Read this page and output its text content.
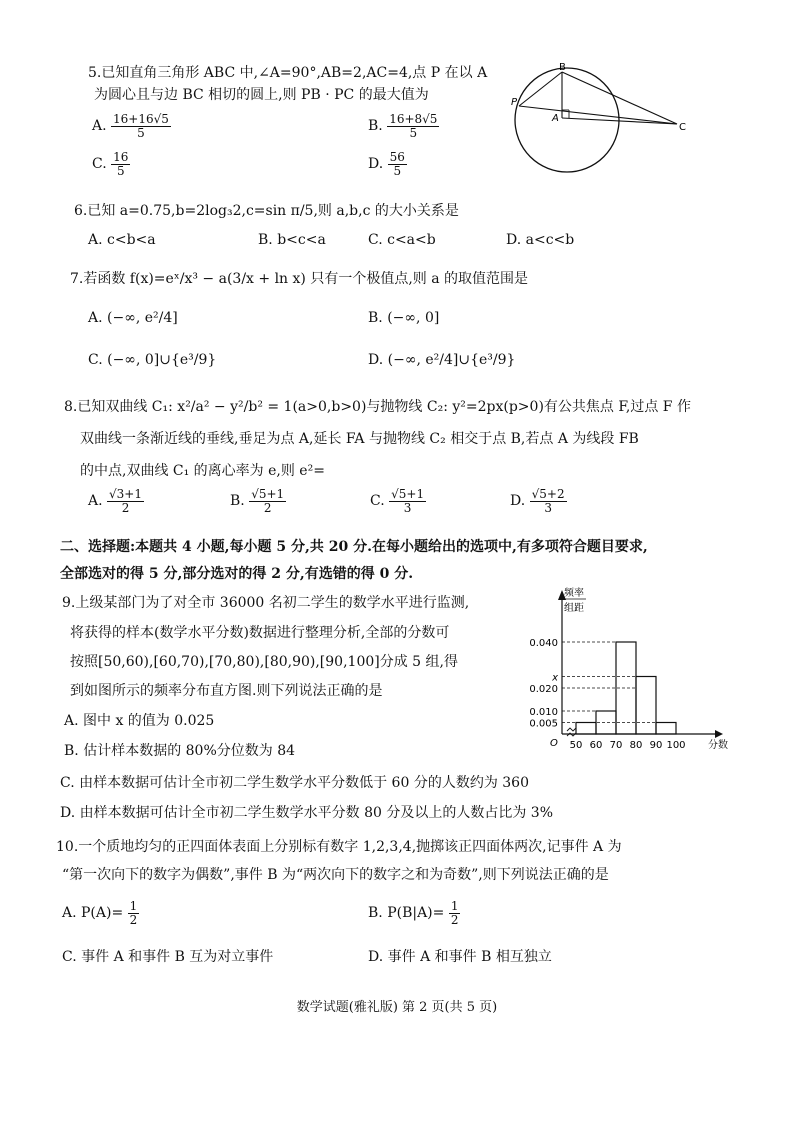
5.已知直角三角形 ABC 中,∠A=90°,AB=2,AC=4,点 P 在以 A
为圆心且与边 BC 相切的圆上,则 PB · PC 的最大值为
A. $\frac{16+16√5}{5}$	B. $\frac{16+8√5}{5}$
C. $\frac{16}{5}$	D. $\frac{56}{5}$
B
P
A
C
6.已知 a=0.75,b=2log₃2,c=sin π/5,则 a,b,c 的大小关系是
A. c<b<a	B. b<c<a	C. c<a<b	D. a<c<b
7.若函数 f(x)=eˣ/x³ − a(3/x + ln x) 只有一个极值点,则 a 的取值范围是
A. (−∞, e²/4]	B. (−∞, 0]
C. (−∞, 0]∪{e³/9}	D. (−∞, e²/4]∪{e³/9}
8.已知双曲线 C₁: x²/a² − y²/b² = 1(a>0,b>0)与抛物线 C₂: y²=2px(p>0)有公共焦点 F,过点 F 作
双曲线一条渐近线的垂线,垂足为点 A,延长 FA 与抛物线 C₂ 相交于点 B,若点 A 为线段 FB
的中点,双曲线 C₁ 的离心率为 e,则 e²=
A. $\frac{√3+1}{2}$	B. $\frac{√5+1}{2}$	C. $\frac{√5+1}{3}$	D. $\frac{√5+2}{3}$
二、选择题:本题共 4 小题,每小题 5 分,共 20 分.在每小题给出的选项中,有多项符合题目要求,
全部选对的得 5 分,部分选对的得 2 分,有选错的得 0 分.
9.上级某部门为了对全市 36000 名初二学生的数学水平进行监测,
将获得的样本(数学水平分数)数据进行整理分析,全部的分数可
按照[50,60),[60,70),[70,80),[80,90),[90,100]分成 5 组,得
到如图所示的频率分布直方图.则下列说法正确的是
A. 图中 x 的值为 0.025
B. 估计样本数据的 80%分位数为 84
C. 由样本数据可估计全市初二学生数学水平分数低于 60 分的人数约为 360
D. 由样本数据可估计全市初二学生数学水平分数 80 分及以上的人数占比为 3%
0.040
x
0.020
0.010
0.005
50 60 70 80 90 100 分数
O
频率
组距
10.一个质地均匀的正四面体表面上分别标有数字 1,2,3,4,抛掷该正四面体两次,记事件 A 为
“第一次向下的数字为偶数”,事件 B 为“两次向下的数字之和为奇数”,则下列说法正确的是
A. $P(A)= \frac{1}{2}$	B. $P(B|A)= \frac{1}{2}$
C. 事件 A 和事件 B 互为对立事件	D. 事件 A 和事件 B 相互独立
数学试题(雅礼版) 第 2 页(共 5 页)
